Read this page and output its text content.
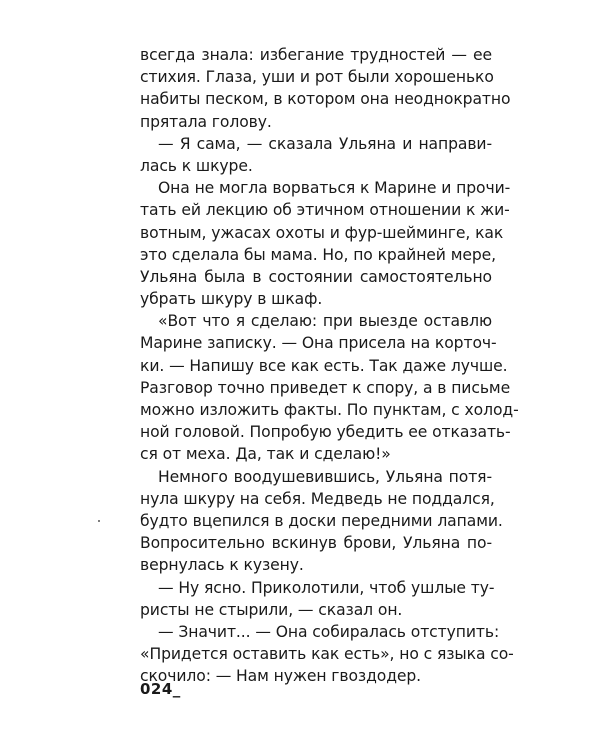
всегда знала: избегание трудностей — ее
стихия. Глаза, уши и рот были хорошенько
набиты песком, в котором она неоднократно
прятала голову.
— Я сама, — сказала Ульяна и направи-
лась к шкуре.
Она не могла ворваться к Марине и прочи-
тать ей лекцию об этичном отношении к жи-
вотным, ужасах охоты и фур-шейминге, как
это сделала бы мама. Но, по крайней мере,
Ульяна была в состоянии самостоятельно
убрать шкуру в шкаф.
«Вот что я сделаю: при выезде оставлю
Марине записку. — Она присела на корточ-
ки. — Напишу все как есть. Так даже лучше.
Разговор точно приведет к спору, а в письме
можно изложить факты. По пунктам, с холод-
ной головой. Попробую убедить ее отказать-
ся от меха. Да, так и сделаю!»
Немного воодушевившись, Ульяна потя-
нула шкуру на себя. Медведь не поддался,
будто вцепился в доски передними лапами.
Вопросительно вскинув брови, Ульяна по-
вернулась к кузену.
— Ну ясно. Приколотили, чтоб ушлые ту-
ристы не стырили, — сказал он.
— Значит... — Она собиралась отступить:
«Придется оставить как есть», но с языка со-
скочило: — Нам нужен гвоздодер.
024_
